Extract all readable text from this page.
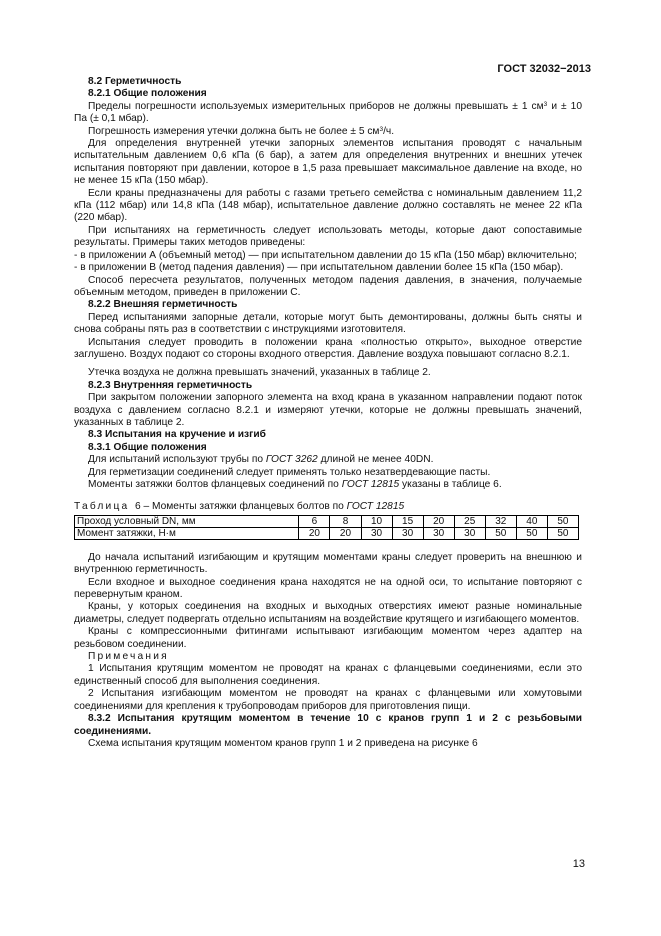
ГОСТ 32032−2013
8.2 Герметичность
8.2.1 Общие положения

Пределы погрешности используемых измерительных приборов не должны превышать ± 1 $см^3$ и ± 10 Па (± 0,1 мбар).

Погрешность измерения утечки должна быть не более ± 5 $см^3/ч$.

Для определения внутренней утечки запорных элементов испытания проводят с начальным испытательным давлением 0,6 кПа (6 бар), а затем для определения внутренних и внешних утечек испытания повторяют при давлении, которое в 1,5 раза превышает максимальное давление на входе, но не менее 15 кПа (150 мбар).

Если краны предназначены для работы с газами третьего семейства с номинальным давлением 11,2 кПа (112 мбар) или 14,8 кПа (148 мбар), испытательное давление должно составлять не менее 22 кПа (220 мбар).

При испытаниях на герметичность следует использовать методы, которые дают сопоставимые результаты. Примеры таких методов приведены:

- в приложении А (объемный метод) — при испытательном давлении до 15 кПа (150 мбар) включительно;

- в приложении В (метод падения давления) — при испытательном давлении более 15 кПа (150 мбар).

Способ пересчета результатов, полученных методом падения давления, в значения, получаемые объемным методом, приведен в приложении С.

8.2.2 Внешняя герметичность

Перед испытаниями запорные детали, которые могут быть демонтированы, должны быть сняты и снова собраны пять раз в соответствии с инструкциями изготовителя.

Испытания следует проводить в положении крана «полностью открыто», выходное отверстие заглушено. Воздух подают со стороны входного отверстия. Давление воздуха повышают согласно 8.2.1.

Утечка воздуха не должна превышать значений, указанных в таблице 2.

8.2.3 Внутренняя герметичность

При закрытом положении запорного элемента на вход крана в указанном направлении подают поток воздуха с давлением согласно 8.2.1 и измеряют утечки, которые не должны превышать значений, указанных в таблице 2.

8.3 Испытания на кручение и изгиб
8.3.1 Общие положения

Для испытаний используют трубы по ГОСТ 3262 длиной не менее 40DN.

Для герметизации соединений следует применять только незатвердевающие пасты.

Моменты затяжки болтов фланцевых соединений по ГОСТ 12815 указаны в таблице 6.

Таблица 6 – Моменты затяжки фланцевых болтов по ГОСТ 12815
Проход условный DN, мм	6	8	10	15	20	25	32	40	50
Момент затяжки, Н·м	20	20	30	30	30	30	50	50	50

До начала испытаний изгибающим и крутящим моментами краны следует проверить на внешнюю и внутреннюю герметичность.

Если входное и выходное соединения крана находятся не на одной оси, то испытание повторяют с перевернутым краном.

Краны, у которых соединения на входных и выходных отверстиях имеют разные номинальные диаметры, следует подвергать отдельно испытаниям на воздействие крутящего и изгибающего моментов.

Краны с компрессионными фитингами испытывают изгибающим моментом через адаптер на резьбовом соединении.

Примечания

1 Испытания крутящим моментом не проводят на кранах с фланцевыми соединениями, если это единственный способ для выполнения соединения.

2 Испытания изгибающим моментом не проводят на кранах с фланцевыми или хомутовыми соединениями для крепления к трубопроводам приборов для приготовления пищи.

8.3.2 Испытания крутящим моментом в течение 10 с кранов групп 1 и 2 с резьбовыми соединениями.

Схема испытания крутящим моментом кранов групп 1 и 2 приведена на рисунке 6

13
